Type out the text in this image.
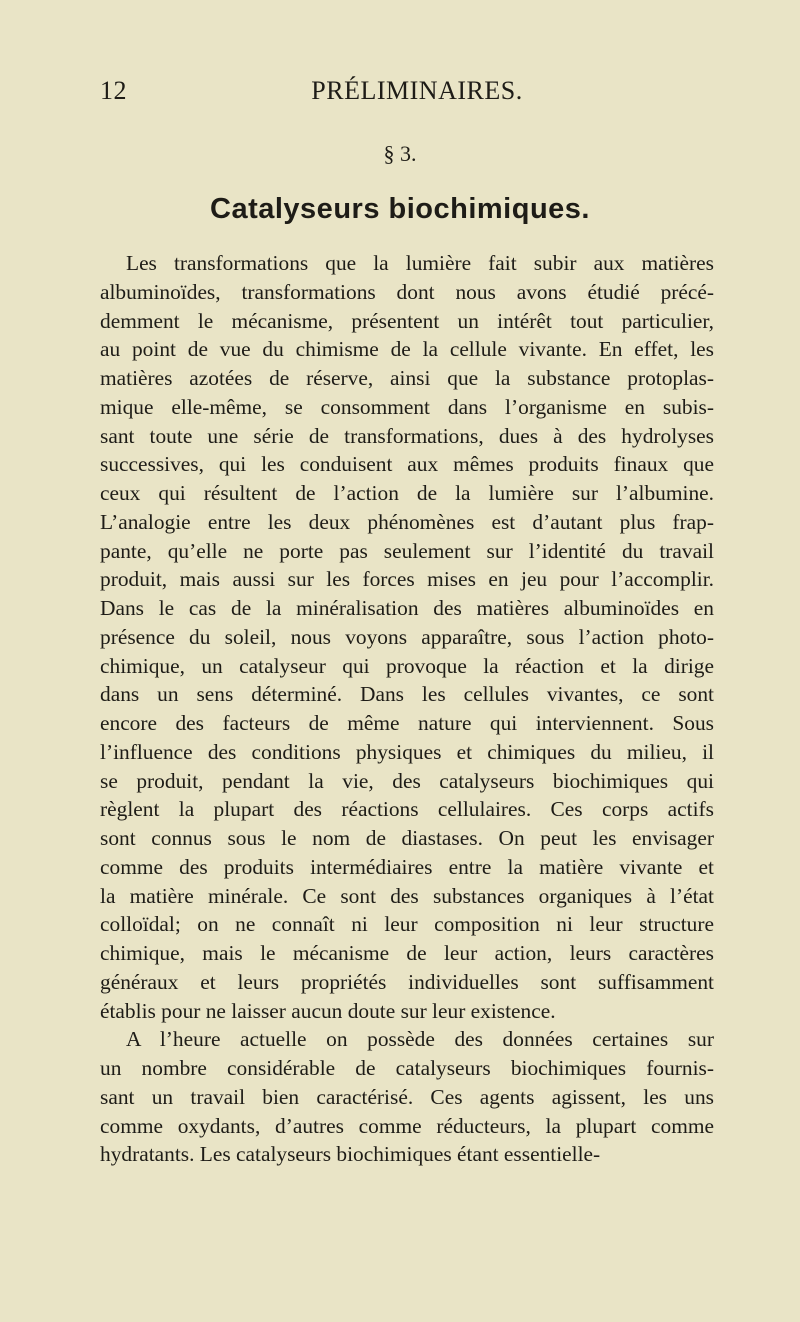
12	PRÉLIMINAIRES.
§ 3.
Catalyseurs biochimiques.
Les transformations que la lumière fait subir aux matières
albuminoïdes, transformations dont nous avons étudié précé-
demment le mécanisme, présentent un intérêt tout particulier,
au point de vue du chimisme de la cellule vivante. En effet, les
matières azotées de réserve, ainsi que la substance protoplas-
mique elle-même, se consomment dans l’organisme en subis-
sant toute une série de transformations, dues à des hydrolyses
successives, qui les conduisent aux mêmes produits finaux que
ceux qui résultent de l’action de la lumière sur l’albumine.
L’analogie entre les deux phénomènes est d’autant plus frap-
pante, qu’elle ne porte pas seulement sur l’identité du travail
produit, mais aussi sur les forces mises en jeu pour l’accomplir.
Dans le cas de la minéralisation des matières albuminoïdes en
présence du soleil, nous voyons apparaître, sous l’action photo-
chimique, un catalyseur qui provoque la réaction et la dirige
dans un sens déterminé. Dans les cellules vivantes, ce sont
encore des facteurs de même nature qui interviennent. Sous
l’influence des conditions physiques et chimiques du milieu, il
se produit, pendant la vie, des catalyseurs biochimiques qui
règlent la plupart des réactions cellulaires. Ces corps actifs
sont connus sous le nom de diastases. On peut les envisager
comme des produits intermédiaires entre la matière vivante et
la matière minérale. Ce sont des substances organiques à l’état
colloïdal; on ne connaît ni leur composition ni leur structure
chimique, mais le mécanisme de leur action, leurs caractères
généraux et leurs propriétés individuelles sont suffisamment
établis pour ne laisser aucun doute sur leur existence.
A l’heure actuelle on possède des données certaines sur
un nombre considérable de catalyseurs biochimiques fournis-
sant un travail bien caractérisé. Ces agents agissent, les uns
comme oxydants, d’autres comme réducteurs, la plupart comme
hydratants. Les catalyseurs biochimiques étant essentielle-
